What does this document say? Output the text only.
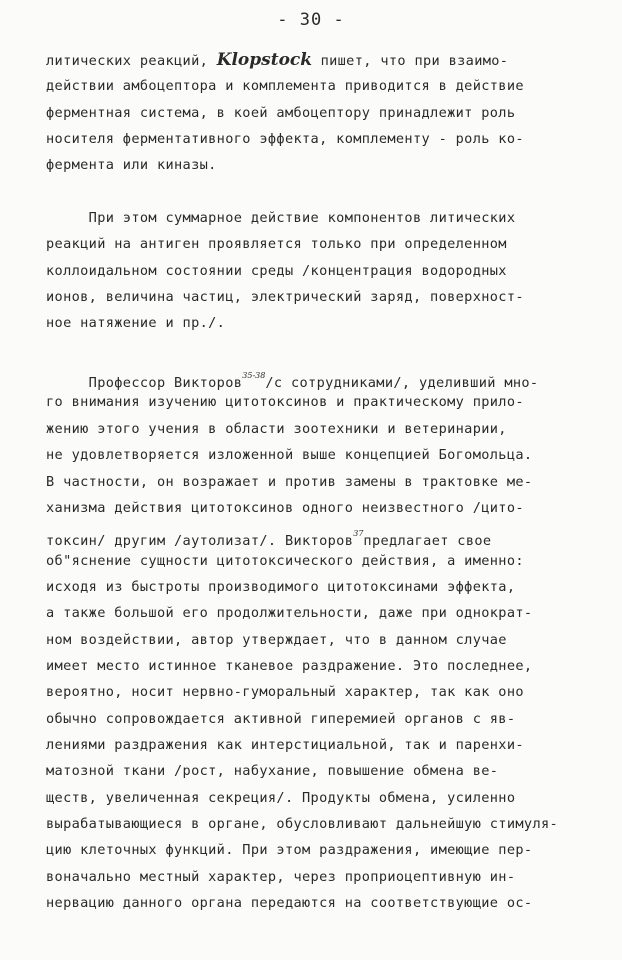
- 30 -
литических реакций, Klopstock пишет, что при взаимо-
действии амбоцептора и комплемента приводится в действие
ферментная система, в коей амбоцептору принадлежит роль
носителя ферментативного эффекта, комплементу - роль ко-
фермента или киназы.
При этом суммарное действие компонентов литических
реакций на антиген проявляется только при определенном
коллоидальном состоянии среды /концентрация водородных
ионов, величина частиц, электрический заряд, поверхност-
ное натяжение и пр./.
Профессор Викторов$^{35-38}$/с сотрудниками/, уделивший мно-
го внимания изучению цитотоксинов и практическому прило-
жению этого учения в области зоотехники и ветеринарии,
не удовлетворяется изложенной выше концепцией Богомольца.
В частности, он возражает и против замены в трактовке ме-
ханизма действия цитотоксинов одного неизвестного /цито-
токсин/ другим /аутолизат/. Викторов$^{37}$предлагает свое
об"яснение сущности цитотоксического действия, а именно:
исходя из быстроты производимого цитотоксинами эффекта,
а также большой его продолжительности, даже при однократ-
ном воздействии, автор утверждает, что в данном случае
имеет место истинное тканевое раздражение. Это последнее,
вероятно, носит нервно-гуморальный характер, так как оно
обычно сопровождается активной гиперемией органов с яв-
лениями раздражения как интерстициальной, так и паренхи-
матозной ткани /рост, набухание, повышение обмена ве-
ществ, увеличенная секреция/. Продукты обмена, усиленно
вырабатывающиеся в органе, обусловливают дальнейшую стимуля-
цию клеточных функций. При этом раздражения, имеющие пер-
воначально местный характер, через проприоцептивную ин-
нервацию данного органа передаются на соответствующие ос-
